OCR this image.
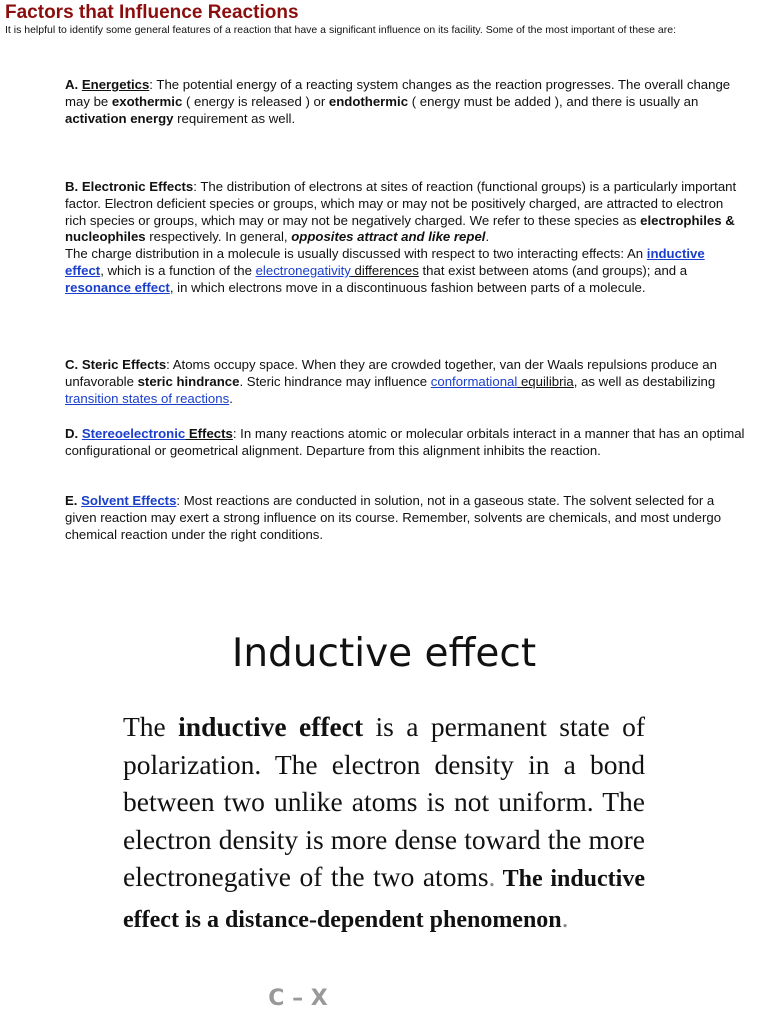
Factors that Influence Reactions
It is helpful to identify some general features of a reaction that have a significant influence on its facility. Some of the most important of these are:
A. Energetics: The potential energy of a reacting system changes as the reaction progresses. The overall change may be exothermic ( energy is released ) or endothermic ( energy must be added ), and there is usually an activation energy requirement as well.
B. Electronic Effects: The distribution of electrons at sites of reaction (functional groups) is a particularly important factor. Electron deficient species or groups, which may or may not be positively charged, are attracted to electron rich species or groups, which may or may not be negatively charged. We refer to these species as electrophiles & nucleophiles respectively. In general, opposites attract and like repel.
The charge distribution in a molecule is usually discussed with respect to two interacting effects: An inductive effect, which is a function of the electronegativity differences that exist between atoms (and groups); and a resonance effect, in which electrons move in a discontinuous fashion between parts of a molecule.
C. Steric Effects: Atoms occupy space. When they are crowded together, van der Waals repulsions produce an unfavorable steric hindrance. Steric hindrance may influence conformational equilibria, as well as destabilizing transition states of reactions.
D. Stereoelectronic Effects: In many reactions atomic or molecular orbitals interact in a manner that has an optimal configurational or geometrical alignment. Departure from this alignment inhibits the reaction.
E. Solvent Effects: Most reactions are conducted in solution, not in a gaseous state. The solvent selected for a given reaction may exert a strong influence on its course. Remember, solvents are chemicals, and most undergo chemical reaction under the right conditions.
Inductive effect
The inductive effect is a permanent state of polarization. The electron density in a bond between two unlike atoms is not uniform. The electron density is more dense toward the more electronegative of the two atoms. The inductive effect is a distance-dependent phenomenon.
C – X
